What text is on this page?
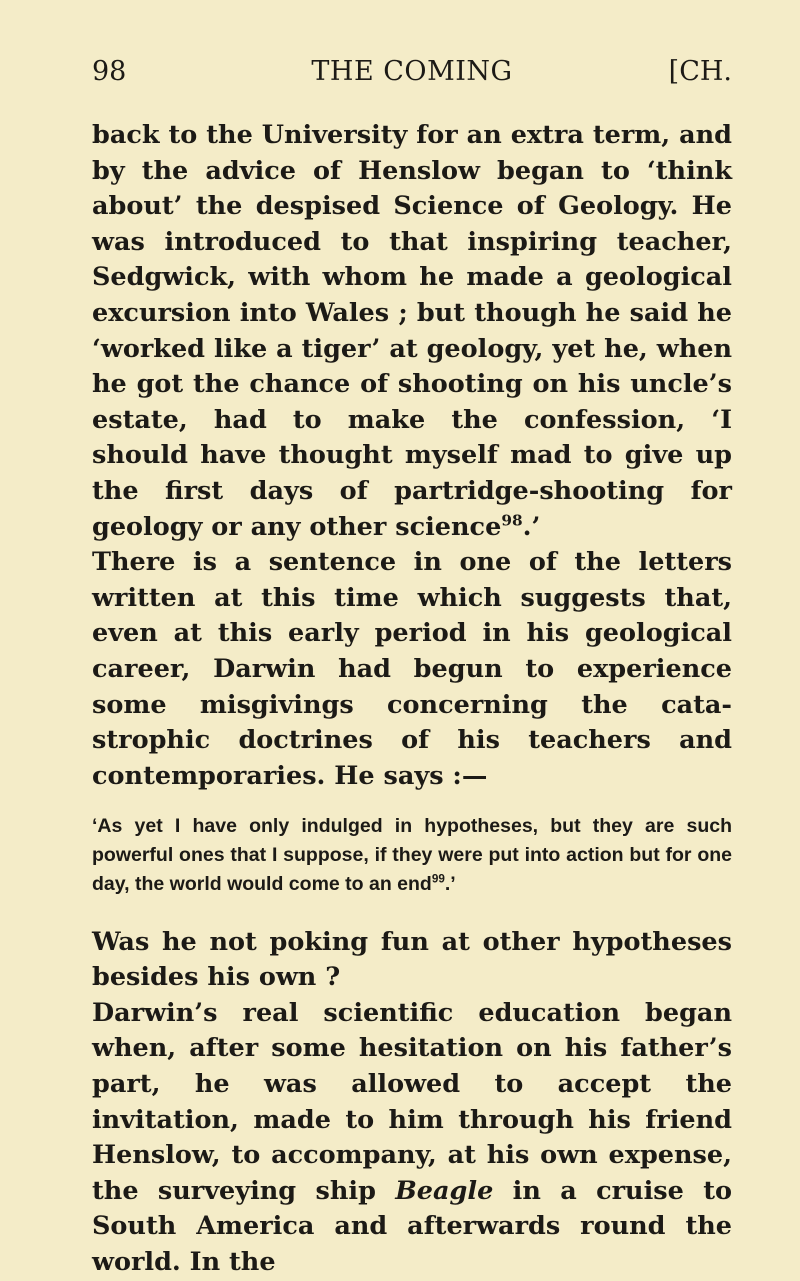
98	THE COMING	[CH.

back to the University for an extra term, and by the advice of Henslow began to ‘think about’ the despised Science of Geology. He was introduced to that inspiring teacher, Sedgwick, with whom he made a geological excursion into Wales ; but though he said he ‘worked like a tiger’ at geology, yet he, when he got the chance of shooting on his uncle’s estate, had to make the confession, ‘I should have thought myself mad to give up the first days of partridge-shooting for geology or any other science$^{98}$.’

There is a sentence in one of the letters written at this time which suggests that, even at this early period in his geological career, Darwin had begun to experience some misgivings concerning the cata- strophic doctrines of his teachers and contemporaries. He says :—

‘As yet I have only indulged in hypotheses, but they are such powerful ones that I suppose, if they were put into action but for one day, the world would come to an end$^{99}$.’

Was he not poking fun at other hypotheses besides his own ?

Darwin’s real scientific education began when, after some hesitation on his father’s part, he was allowed to accept the invitation, made to him through his friend Henslow, to accompany, at his own expense, the surveying ship Beagle in a cruise to South America and afterwards round the world. In the
